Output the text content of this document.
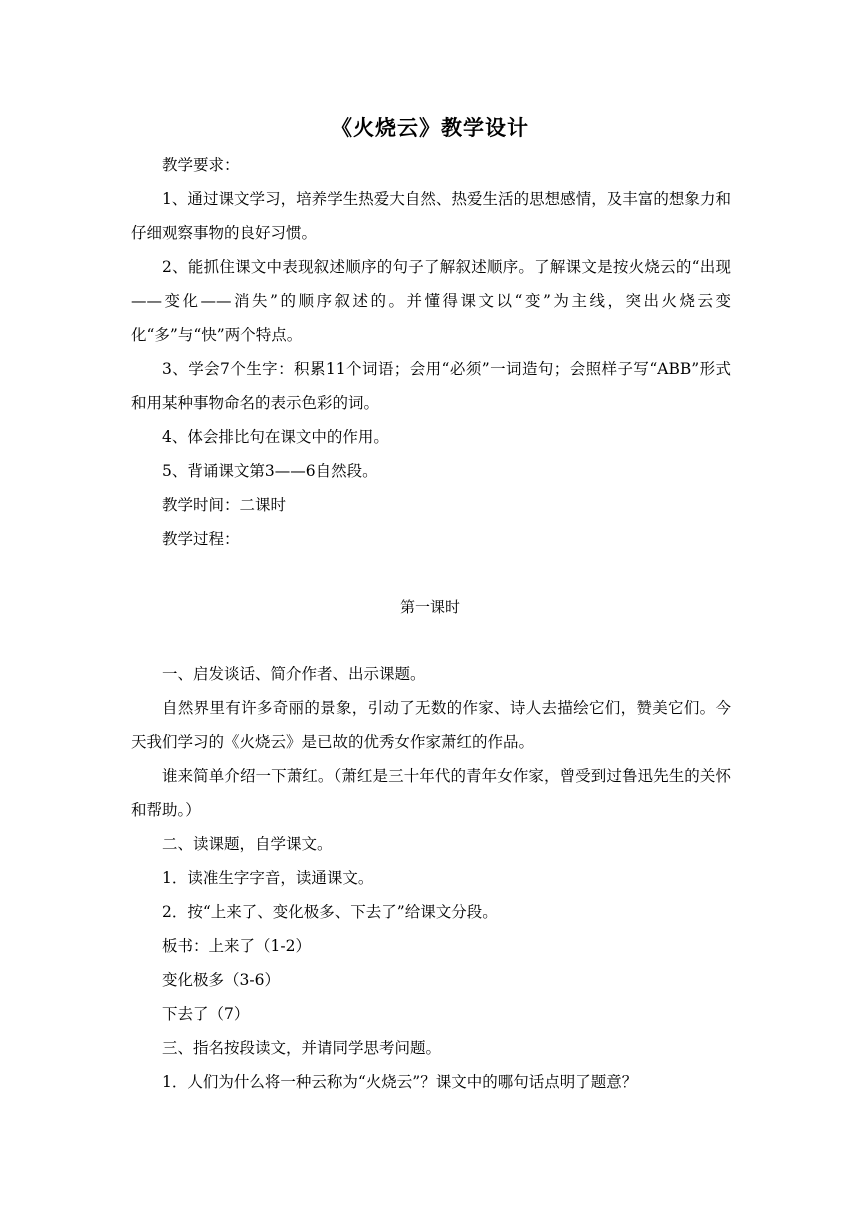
《火烧云》教学设计

教学要求：

1、通过课文学习，培养学生热爱大自然、热爱生活的思想感情，及丰富的想象力和仔细观察事物的良好习惯。

2、能抓住课文中表现叙述顺序的句子了解叙述顺序。了解课文是按火烧云的“出现——变化——消失”的顺序叙述的。并懂得课文以“变”为主线，突出火烧云变化“多”与“快”两个特点。

3、学会7个生字：积累11个词语；会用“必须”一词造句；会照样子写“ABB”形式和用某种事物命名的表示色彩的词。

4、体会排比句在课文中的作用。

5、背诵课文第3——6自然段。

教学时间：二课时

教学过程：

第一课时

一、启发谈话、简介作者、出示课题。

自然界里有许多奇丽的景象，引动了无数的作家、诗人去描绘它们，赞美它们。今天我们学习的《火烧云》是已故的优秀女作家萧红的作品。

谁来简单介绍一下萧红。（萧红是三十年代的青年女作家，曾受到过鲁迅先生的关怀和帮助。）

二、读课题，自学课文。

1．读准生字字音，读通课文。

2．按“上来了、变化极多、下去了”给课文分段。

板书：上来了（1-2）

变化极多（3-6）

下去了（7）

三、指名按段读文，并请同学思考问题。

1．人们为什么将一种云称为“火烧云”？课文中的哪句话点明了题意？
